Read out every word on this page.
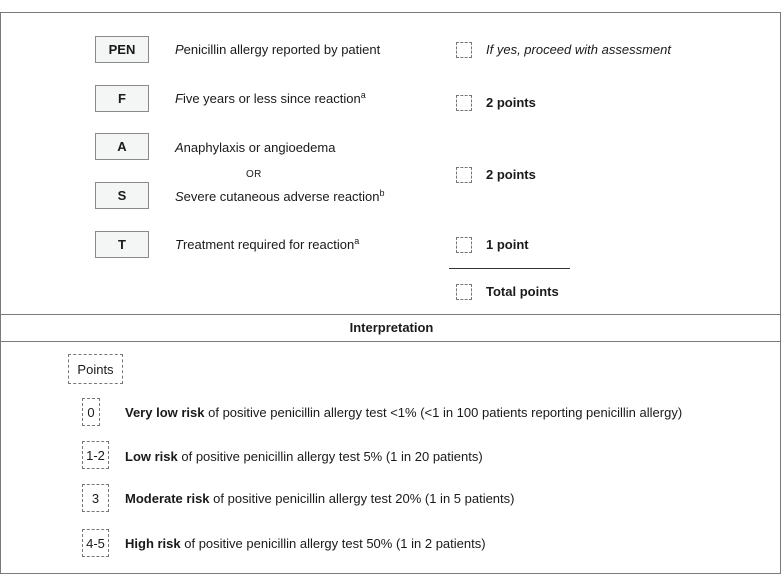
PEN
F
A
S
T
Penicillin allergy reported by patient
Five years or less since reaction$^a$
Anaphylaxis or angioedema
OR
Severe cutaneous adverse reaction$^b$
Treatment required for reaction$^a$
If yes, proceed with assessment
2 points
2 points
1 point
Total points
Interpretation
Points
0 Very low risk of positive penicillin allergy test <1% (<1 in 100 patients reporting penicillin allergy)
1-2 Low risk of positive penicillin allergy test 5% (1 in 20 patients)
3 Moderate risk of positive penicillin allergy test 20% (1 in 5 patients)
4-5 High risk of positive penicillin allergy test 50% (1 in 2 patients)
